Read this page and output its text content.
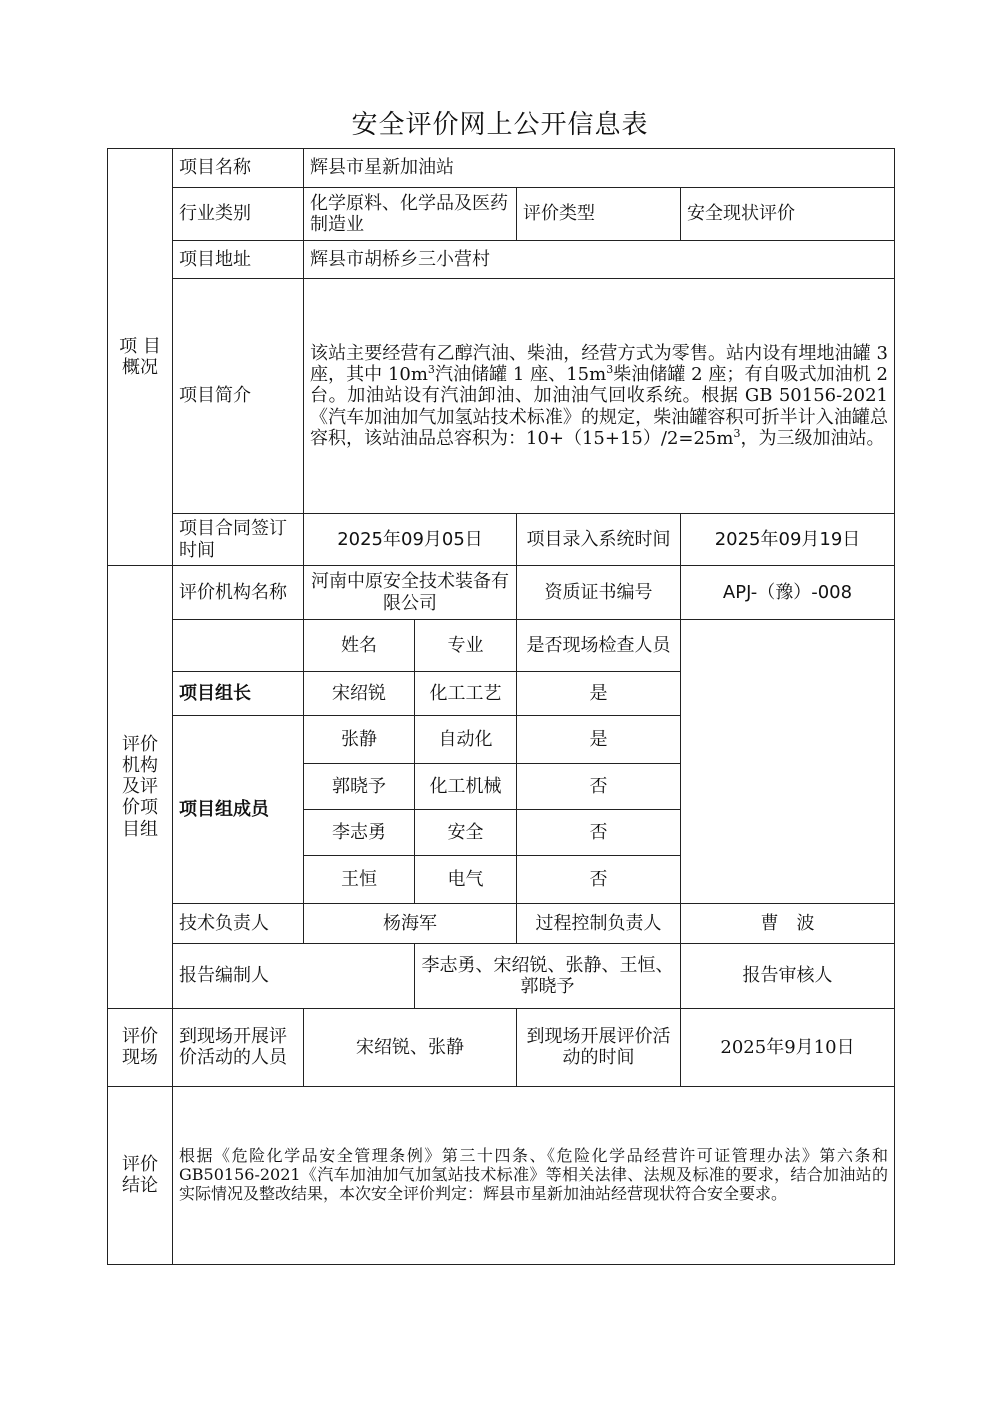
安全评价网上公开信息表
项 目
概况	项目名称	辉县市星新加油站				
	行业类别	化学原料、化学品及医药制造业		评价类型	安全现状评价	
	项目地址	辉县市胡桥乡三小营村				
	项目简介	该站主要经营有乙醇汽油、柴油，经营方式为零售。站内设有埋地油罐 3 座，其中 $10m^3$汽油储罐 1 座、$15m^3$柴油储罐 2 座；有自吸式加油机 2 台。加油站设有汽油卸油、加油油气回收系统。根据 GB 50156-2021《汽车加油加气加氢站技术标准》的规定，柴油罐容积可折半计入油罐总容积，该站油品总容积为：$10+(15+15)/2=25m^3$，为三级加油站。				
	项目合同签订时间	2025年09月05日		项目录入系统时间	2025年09月19日	

评价
机构
及评
价项
目组	评价机构名称	河南中原安全技术装备有限公司		资质证书编号	APJ-（豫）-008	
		姓名	专业	是否现场检查人员		
	项目组长	宋绍锐	化工工艺	是		
	项目组成员	张静	自动化	是		
		郭晓予	化工机械	否		
		李志勇	安全	否		
		王恒	电气	否		
	技术负责人	杨海军		过程控制负责人	曹　波	
	报告编制人		李志勇、宋绍锐、张静、王恒、郭晓予		报告审核人	

评价
现场	到现场开展评价活动的人员	宋绍锐、张静		到现场开展评价活动的时间	2025年9月10日	

评价
结论	根据《危险化学品安全管理条例》第三十四条、《危险化学品经营许可证管理办法》第六条和 GB50156-2021《汽车加油加气加氢站技术标准》等相关法律、法规及标准的要求，结合加油站的实际情况及整改结果，本次安全评价判定：辉县市星新加油站经营现状符合安全要求。					
